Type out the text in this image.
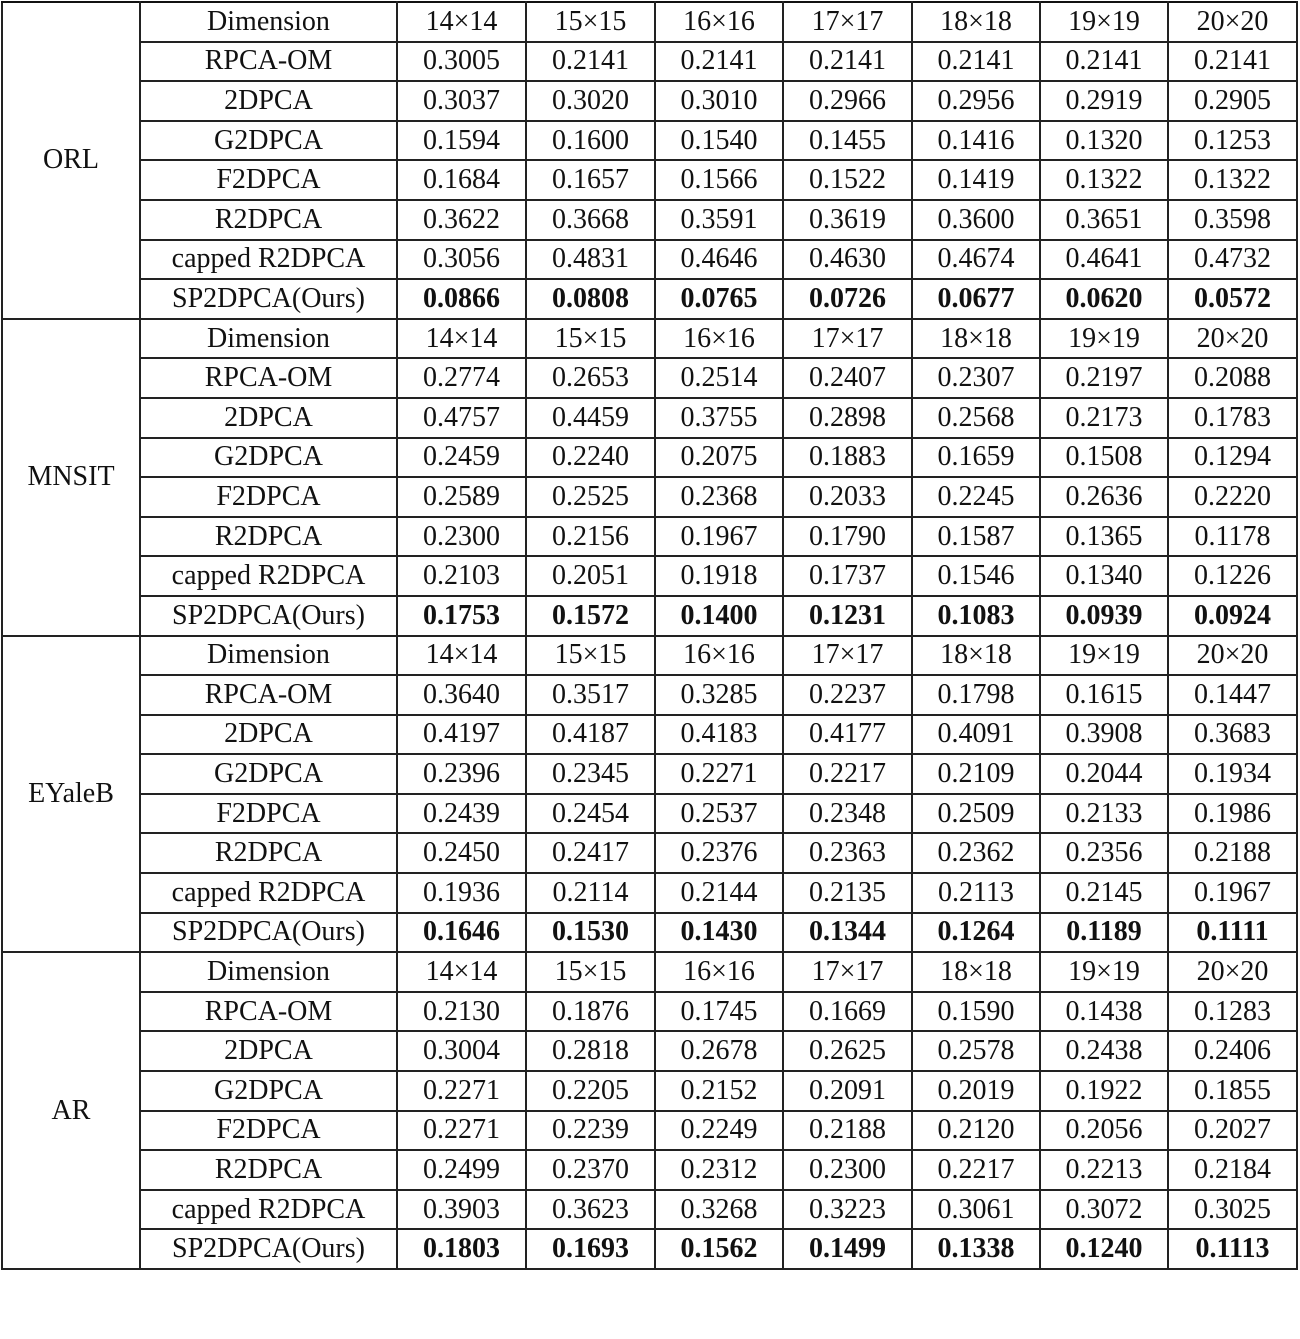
ORL	Dimension	14×14	15×15	16×16	17×17	18×18	19×19	20×20
	RPCA-OM	0.3005	0.2141	0.2141	0.2141	0.2141	0.2141	0.2141
	2DPCA	0.3037	0.3020	0.3010	0.2966	0.2956	0.2919	0.2905
	G2DPCA	0.1594	0.1600	0.1540	0.1455	0.1416	0.1320	0.1253
	F2DPCA	0.1684	0.1657	0.1566	0.1522	0.1419	0.1322	0.1322
	R2DPCA	0.3622	0.3668	0.3591	0.3619	0.3600	0.3651	0.3598
	capped R2DPCA	0.3056	0.4831	0.4646	0.4630	0.4674	0.4641	0.4732
	SP2DPCA(Ours)	0.0866	0.0808	0.0765	0.0726	0.0677	0.0620	0.0572
MNSIT	Dimension	14×14	15×15	16×16	17×17	18×18	19×19	20×20
	RPCA-OM	0.2774	0.2653	0.2514	0.2407	0.2307	0.2197	0.2088
	2DPCA	0.4757	0.4459	0.3755	0.2898	0.2568	0.2173	0.1783
	G2DPCA	0.2459	0.2240	0.2075	0.1883	0.1659	0.1508	0.1294
	F2DPCA	0.2589	0.2525	0.2368	0.2033	0.2245	0.2636	0.2220
	R2DPCA	0.2300	0.2156	0.1967	0.1790	0.1587	0.1365	0.1178
	capped R2DPCA	0.2103	0.2051	0.1918	0.1737	0.1546	0.1340	0.1226
	SP2DPCA(Ours)	0.1753	0.1572	0.1400	0.1231	0.1083	0.0939	0.0924
EYaleB	Dimension	14×14	15×15	16×16	17×17	18×18	19×19	20×20
	RPCA-OM	0.3640	0.3517	0.3285	0.2237	0.1798	0.1615	0.1447
	2DPCA	0.4197	0.4187	0.4183	0.4177	0.4091	0.3908	0.3683
	G2DPCA	0.2396	0.2345	0.2271	0.2217	0.2109	0.2044	0.1934
	F2DPCA	0.2439	0.2454	0.2537	0.2348	0.2509	0.2133	0.1986
	R2DPCA	0.2450	0.2417	0.2376	0.2363	0.2362	0.2356	0.2188
	capped R2DPCA	0.1936	0.2114	0.2144	0.2135	0.2113	0.2145	0.1967
	SP2DPCA(Ours)	0.1646	0.1530	0.1430	0.1344	0.1264	0.1189	0.1111
AR	Dimension	14×14	15×15	16×16	17×17	18×18	19×19	20×20
	RPCA-OM	0.2130	0.1876	0.1745	0.1669	0.1590	0.1438	0.1283
	2DPCA	0.3004	0.2818	0.2678	0.2625	0.2578	0.2438	0.2406
	G2DPCA	0.2271	0.2205	0.2152	0.2091	0.2019	0.1922	0.1855
	F2DPCA	0.2271	0.2239	0.2249	0.2188	0.2120	0.2056	0.2027
	R2DPCA	0.2499	0.2370	0.2312	0.2300	0.2217	0.2213	0.2184
	capped R2DPCA	0.3903	0.3623	0.3268	0.3223	0.3061	0.3072	0.3025
	SP2DPCA(Ours)	0.1803	0.1693	0.1562	0.1499	0.1338	0.1240	0.1113
